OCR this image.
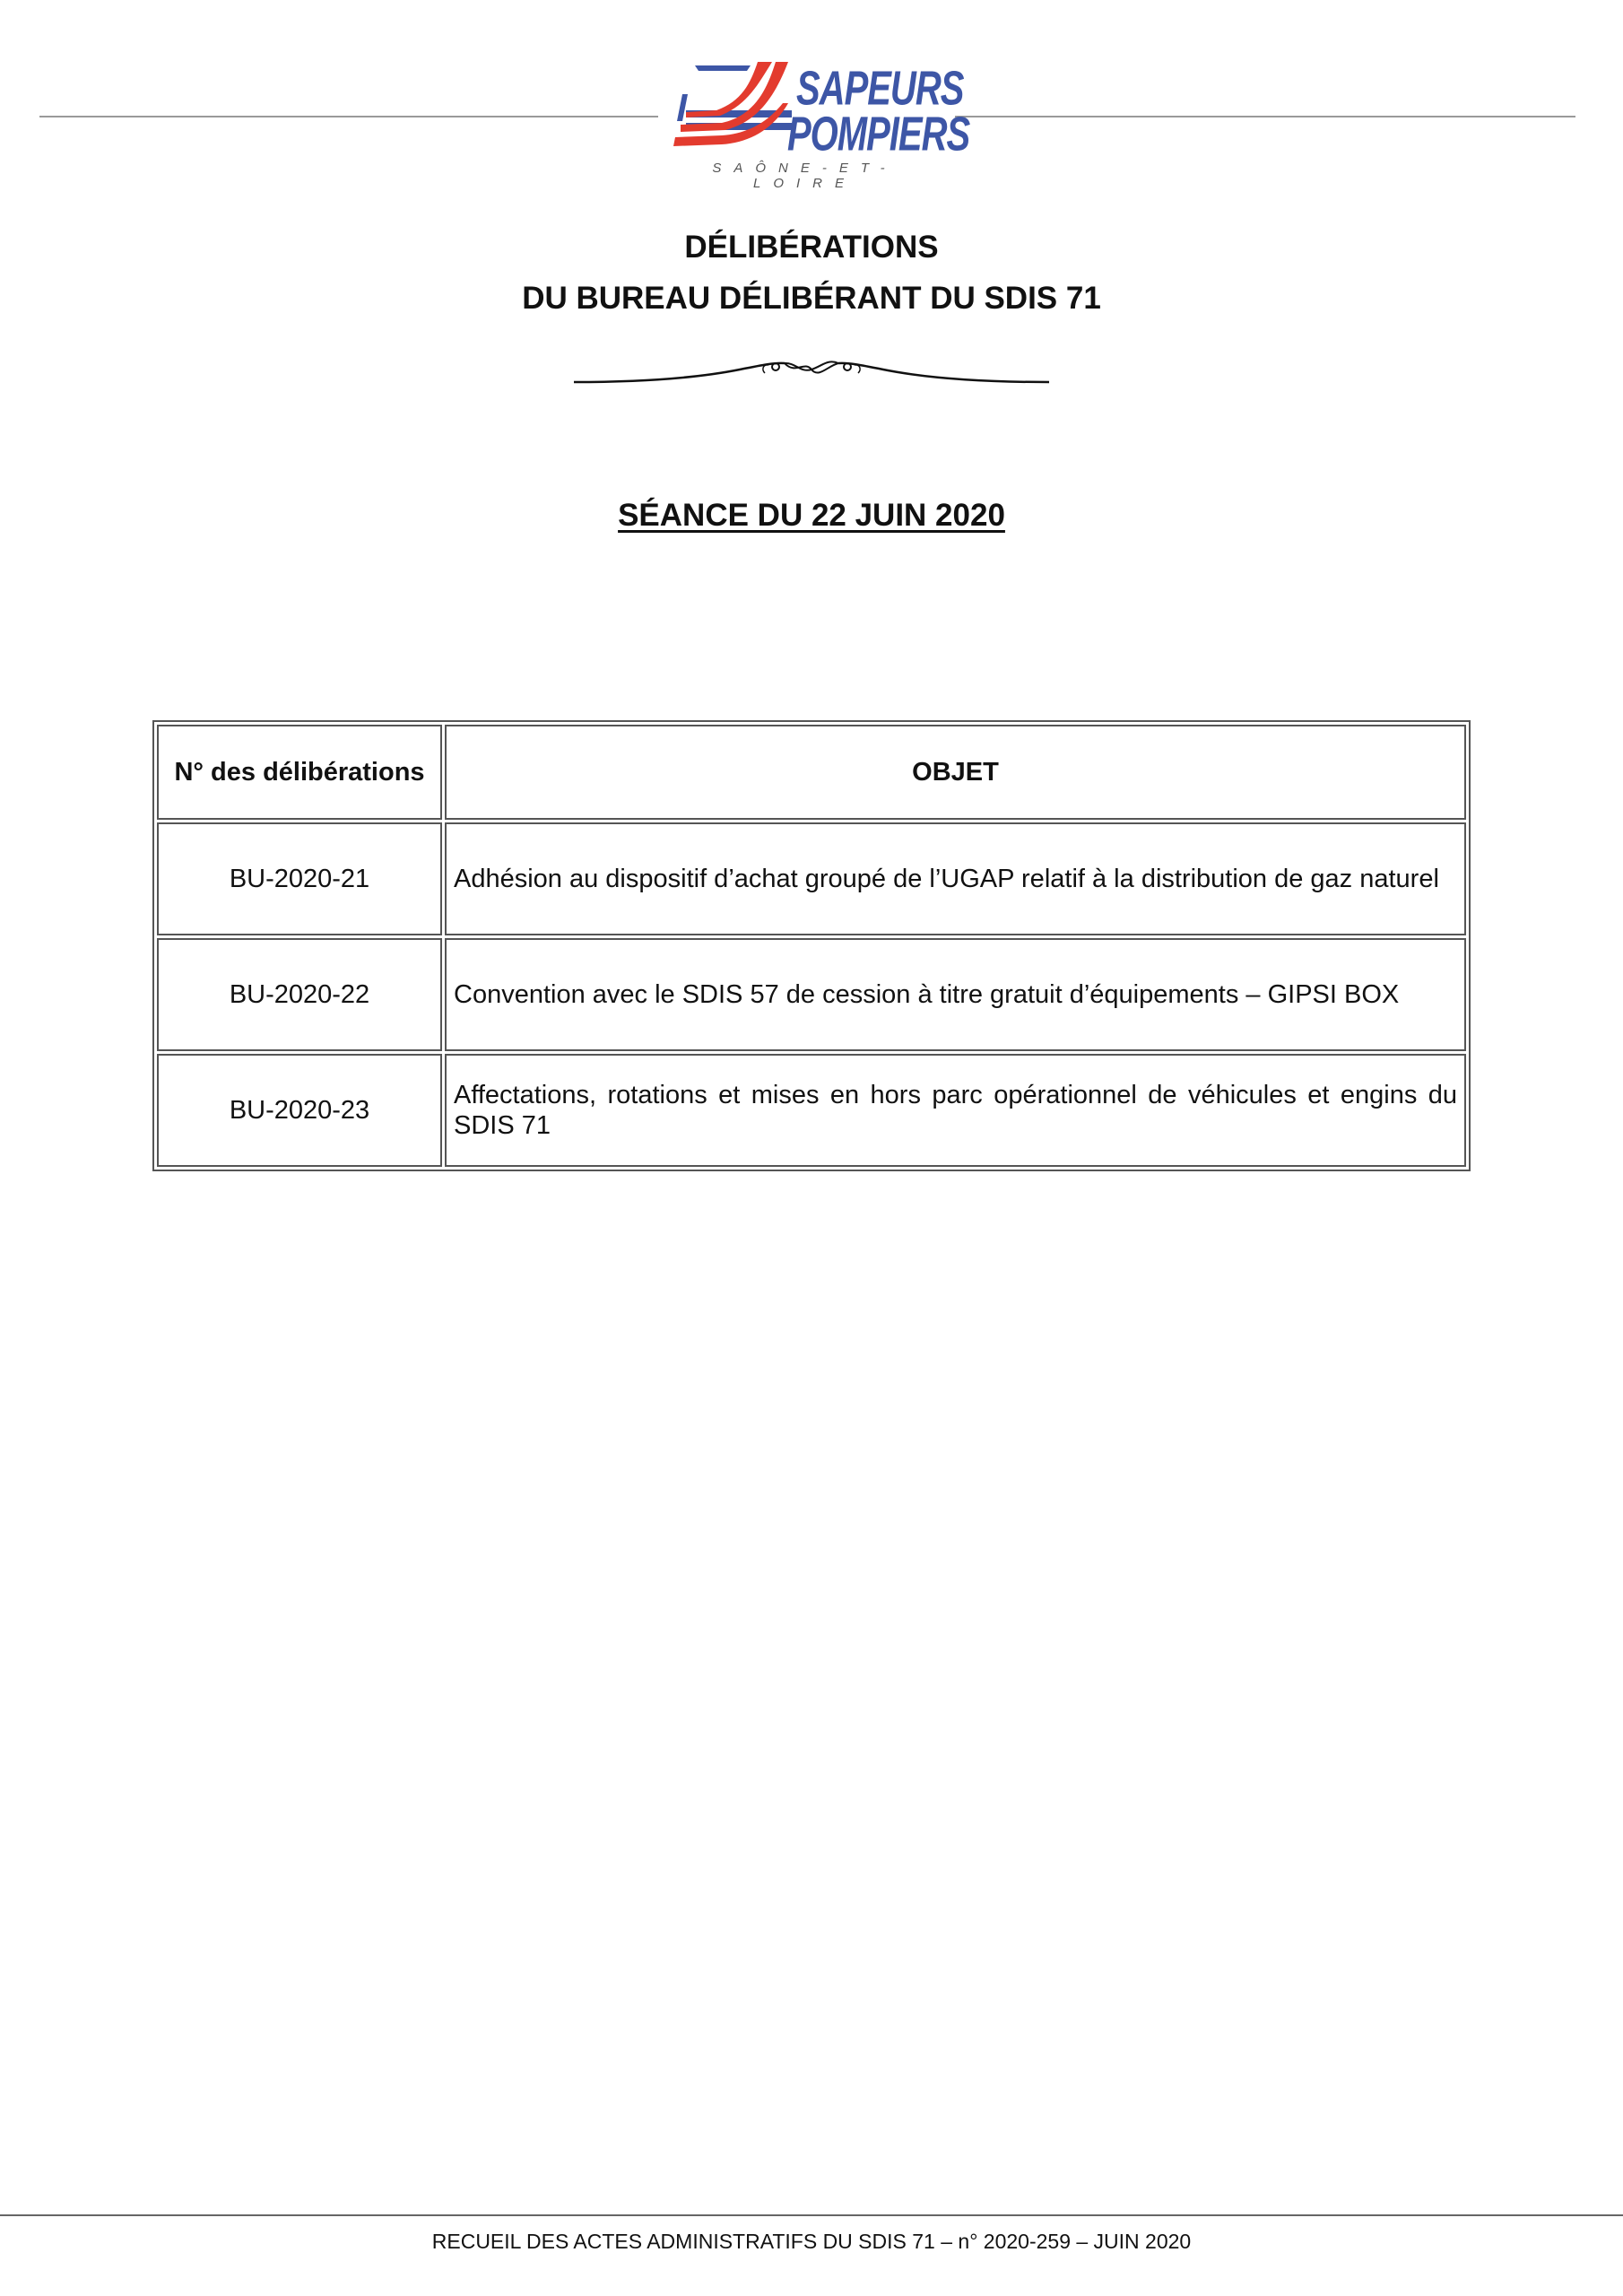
SAPEURS
POMPIERS
SAÔNE-ET-LOIRE
DÉLIBÉRATIONS
DU BUREAU DÉLIBÉRANT DU SDIS 71
SÉANCE DU 22 JUIN 2020
N° des délibérations	OBJET
BU-2020-21	Adhésion au dispositif d’achat groupé de l’UGAP relatif à la distribution de gaz naturel
BU-2020-22	Convention avec le SDIS 57 de cession à titre gratuit d’équipements – GIPSI BOX
BU-2020-23	Affectations, rotations et mises en hors parc opérationnel de véhicules et engins du SDIS 71
RECUEIL DES ACTES ADMINISTRATIFS DU SDIS 71 – n° 2020-259 – JUIN 2020
